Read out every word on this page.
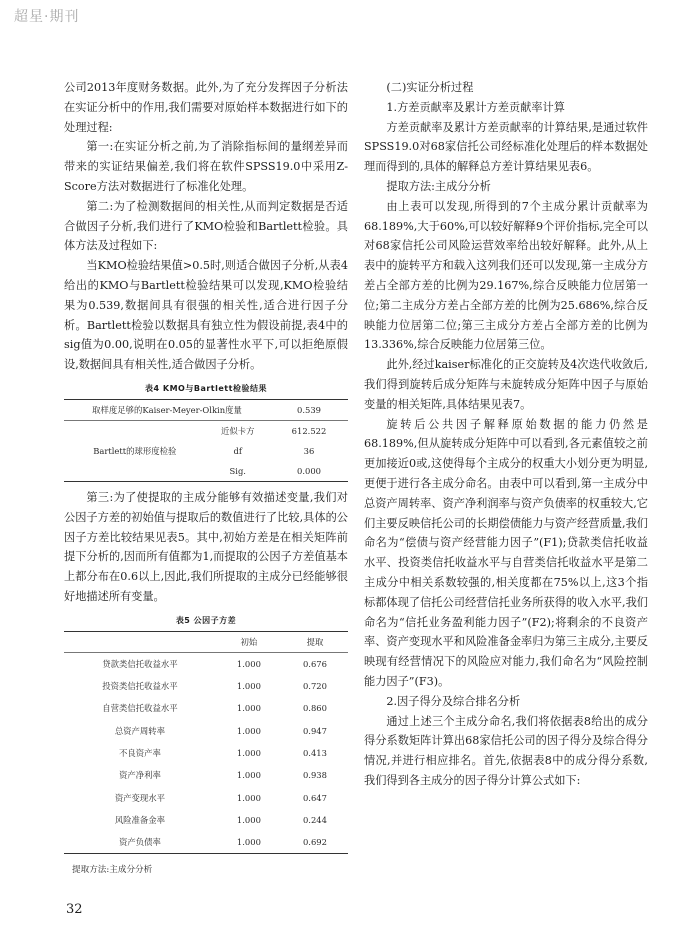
超星·期刊

公司2013年度财务数据。此外,为了充分发挥因子分析法在实证分析中的作用,我们需要对原始样本数据进行如下的处理过程:

第一:在实证分析之前,为了消除指标间的量纲差异而带来的实证结果偏差,我们将在软件SPSS19.0中采用Z-Score方法对数据进行了标准化处理。

第二:为了检测数据间的相关性,从而判定数据是否适合做因子分析,我们进行了KMO检验和Bartlett检验。具体方法及过程如下:

当KMO检验结果值>0.5时,则适合做因子分析,从表4给出的KMO与Bartlett检验结果可以发现,KMO检验结果为0.539,数据间具有很强的相关性,适合进行因子分析。Bartlett检验以数据具有独立性为假设前提,表4中的sig值为0.00,说明在0.05的显著性水平下,可以拒绝原假设,数据间具有相关性,适合做因子分析。

表4 KMO与Bartlett检验结果
取样度足够的Kaiser-Meyer-Olkin度量		0.539
Bartlett的球形度检验	近似卡方	612.522
	df	36
	Sig.	0.000

第三:为了使提取的主成分能够有效描述变量,我们对公因子方差的初始值与提取后的数值进行了比较,具体的公因子方差比较结果见表5。其中,初始方差是在相关矩阵前提下分析的,因而所有值都为1,而提取的公因子方差值基本上都分布在0.6以上,因此,我们所提取的主成分已经能够很好地描述所有变量。

表5 公因子方差
	初始	提取
贷款类信托收益水平	1.000	0.676
投资类信托收益水平	1.000	0.720
自营类信托收益水平	1.000	0.860
总资产周转率	1.000	0.947
不良资产率	1.000	0.413
资产净利率	1.000	0.938
资产变现水平	1.000	0.647
风险准备金率	1.000	0.244
资产负债率	1.000	0.692
提取方法:主成分分析
(二)实证分析过程
1.方差贡献率及累计方差贡献率计算

方差贡献率及累计方差贡献率的计算结果,是通过软件SPSS19.0对68家信托公司经标准化处理后的样本数据处理而得到的,具体的解释总方差计算结果见表6。

提取方法:主成分分析

由上表可以发现,所得到的7个主成分累计贡献率为68.189%,大于60%,可以较好解释9个评价指标,完全可以对68家信托公司风险运营效率给出较好解释。此外,从上表中的旋转平方和载入这列我们还可以发现,第一主成分方差占全部方差的比例为29.167%,综合反映能力位居第一位;第二主成分方差占全部方差的比例为25.686%,综合反映能力位居第二位;第三主成分方差占全部方差的比例为13.336%,综合反映能力位居第三位。

此外,经过kaiser标准化的正交旋转及4次迭代收敛后,我们得到旋转后成分矩阵与未旋转成分矩阵中因子与原始变量的相关矩阵,具体结果见表7。

旋转后公共因子解释原始数据的能力仍然是68.189%,但从旋转成分矩阵中可以看到,各元素值较之前更加接近0或,这使得每个主成分的权重大小划分更为明显,更便于进行各主成分命名。由表中可以看到,第一主成分中总资产周转率、资产净利润率与资产负债率的权重较大,它们主要反映信托公司的长期偿债能力与资产经营质量,我们命名为“偿债与资产经营能力因子”(F1);贷款类信托收益水平、投资类信托收益水平与自营类信托收益水平是第二主成分中相关系数较强的,相关度都在75%以上,这3个指标都体现了信托公司经营信托业务所获得的收入水平,我们命名为“信托业务盈利能力因子”(F2);将剩余的不良资产率、资产变现水平和风险准备金率归为第三主成分,主要反映现有经营情况下的风险应对能力,我们命名为“风险控制能力因子”(F3)。

2.因子得分及综合排名分析

通过上述三个主成分命名,我们将依据表8给出的成分得分系数矩阵计算出68家信托公司的因子得分及综合得分情况,并进行相应排名。首先,依据表8中的成分得分系数,我们得到各主成分的因子得分计算公式如下:

32
